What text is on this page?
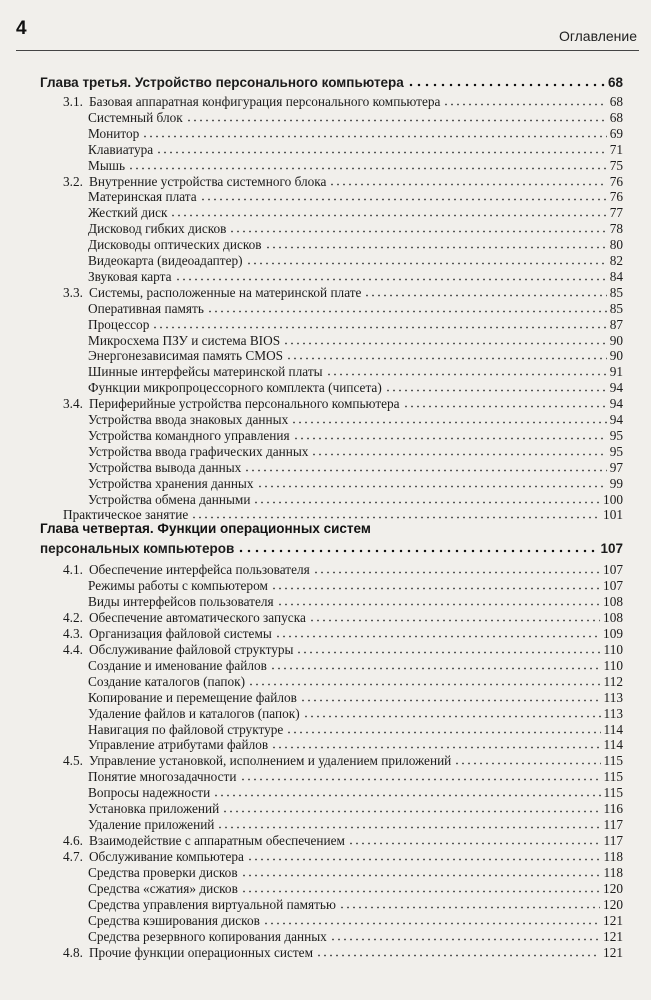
4	Оглавление
Глава третья. Устройство персонального компьютера	68
3.1. Базовая аппаратная конфигурация персонального компьютера	68
Системный блок	68
Монитор	69
Клавиатура	71
Мышь	75
3.2. Внутренние устройства системного блока	76
Материнская плата	76
Жесткий диск	77
Дисковод гибких дисков	78
Дисководы оптических дисков	80
Видеокарта (видеоадаптер)	82
Звуковая карта	84
3.3. Системы, расположенные на материнской плате	85
Оперативная память	85
Процессор	87
Микросхема ПЗУ и система BIOS	90
Энергонезависимая память CMOS	90
Шинные интерфейсы материнской платы	91
Функции микропроцессорного комплекта (чипсета)	94
3.4. Периферийные устройства персонального компьютера	94
Устройства ввода знаковых данных	94
Устройства командного управления	95
Устройства ввода графических данных	95
Устройства вывода данных	97
Устройства хранения данных	99
Устройства обмена данными	100
Практическое занятие	101
Глава четвертая. Функции операционных систем
персональных компьютеров	107
4.1. Обеспечение интерфейса пользователя	107
Режимы работы с компьютером	107
Виды интерфейсов пользователя	108
4.2. Обеспечение автоматического запуска	108
4.3. Организация файловой системы	109
4.4. Обслуживание файловой структуры	110
Создание и именование файлов	110
Создание каталогов (папок)	112
Копирование и перемещение файлов	113
Удаление файлов и каталогов (папок)	113
Навигация по файловой структуре	114
Управление атрибутами файлов	114
4.5. Управление установкой, исполнением и удалением приложений	115
Понятие многозадачности	115
Вопросы надежности	115
Установка приложений	116
Удаление приложений	117
4.6. Взаимодействие с аппаратным обеспечением	117
4.7. Обслуживание компьютера	118
Средства проверки дисков	118
Средства «сжатия» дисков	120
Средства управления виртуальной памятью	120
Средства кэширования дисков	121
Средства резервного копирования данных	121
4.8. Прочие функции операционных систем	121
